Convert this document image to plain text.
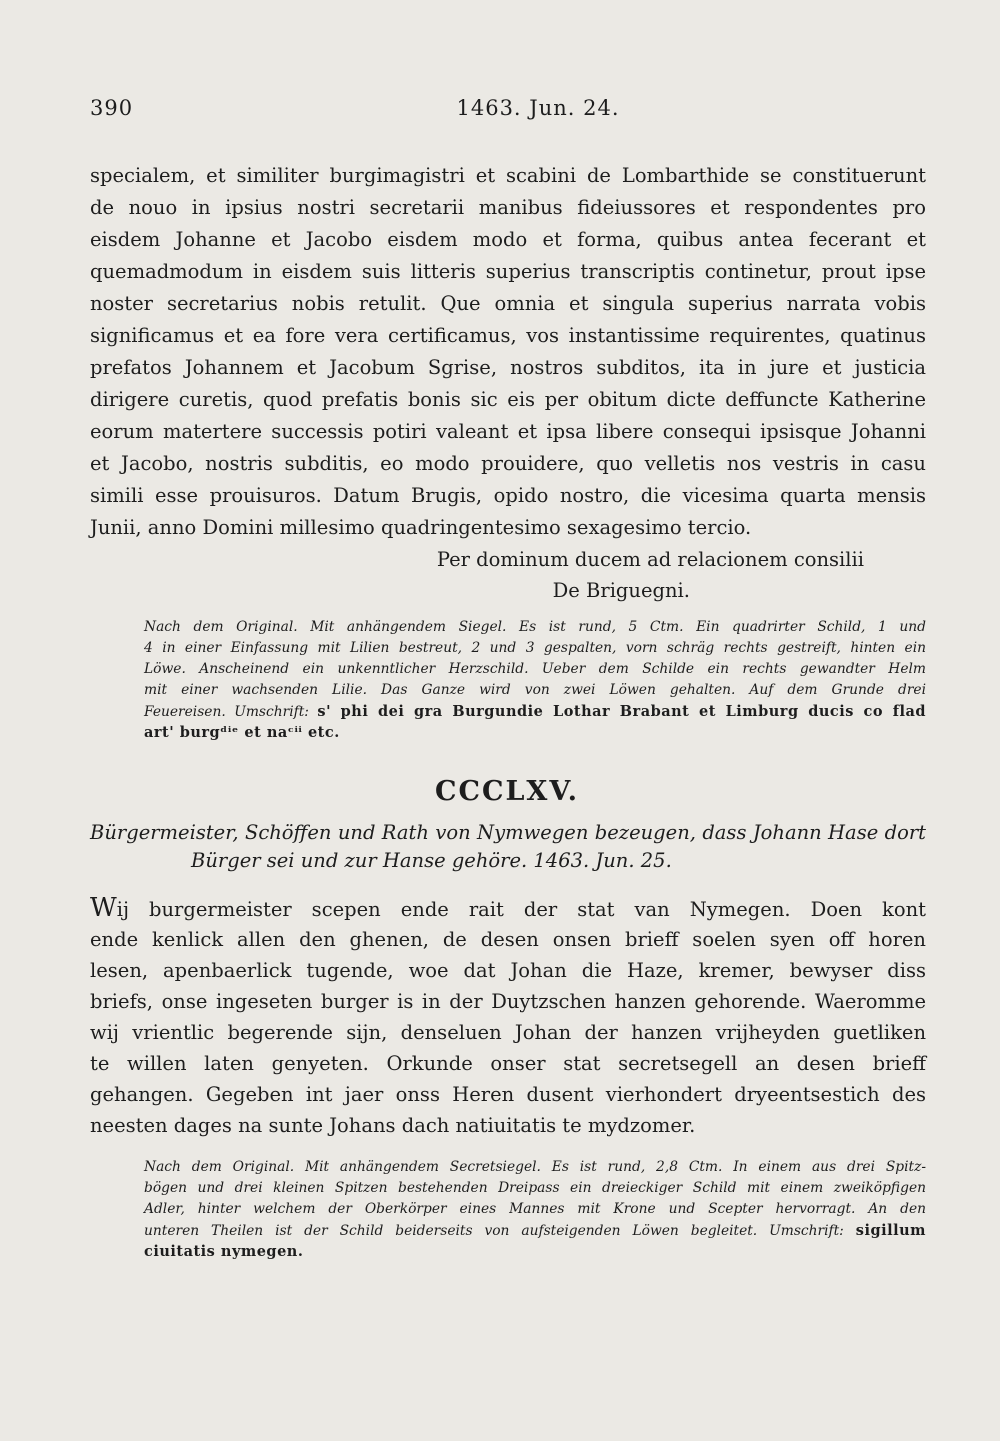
390	1463. Jun. 24.
specialem, et similiter burgimagistri et scabini de Lombarthide se constituerunt
de nouo in ipsius nostri secretarii manibus fideiussores et respondentes pro
eisdem Johanne et Jacobo eisdem modo et forma, quibus antea fecerant et
quemadmodum in eisdem suis litteris superius transcriptis continetur, prout ipse
noster secretarius nobis retulit. Que omnia et singula superius narrata vobis
significamus et ea fore vera certificamus, vos instantissime requirentes, quatinus
prefatos Johannem et Jacobum Sgrise, nostros subditos, ita in jure et justicia
dirigere curetis, quod prefatis bonis sic eis per obitum dicte deffuncte Katherine
eorum matertere successis potiri valeant et ipsa libere consequi ipsisque Johanni
et Jacobo, nostris subditis, eo modo prouidere, quo velletis nos vestris in casu
simili esse prouisuros. Datum Brugis, opido nostro, die vicesima quarta mensis
Junii, anno Domini millesimo quadringentesimo sexagesimo tercio.
Per dominum ducem ad relacionem consilii
De Briguegni.
Nach dem Original. Mit anhängendem Siegel. Es ist rund, 5 Ctm. Ein quadrirter Schild, 1 und
4 in einer Einfassung mit Lilien bestreut, 2 und 3 gespalten, vorn schräg rechts gestreift, hinten ein
Löwe. Anscheinend ein unkenntlicher Herzschild. Ueber dem Schilde ein rechts gewandter Helm
mit einer wachsenden Lilie. Das Ganze wird von zwei Löwen gehalten. Auf dem Grunde drei
Feuereisen. Umschrift: s' phi dei gra Burgundie Lothar Brabant et Limburg ducis co flad
art' burgᵈⁱᵉ et naᶜⁱⁱ etc.
CCCLXV.
Bürgermeister, Schöffen und Rath von Nymwegen bezeugen, dass Johann Hase dort
Bürger sei und zur Hanse gehöre. 1463. Jun. 25.
Wij burgermeister scepen ende rait der stat van Nymegen. Doen kont
ende kenlick allen den ghenen, de desen onsen brieff soelen syen off horen
lesen, apenbaerlick tugende, woe dat Johan die Haze, kremer, bewyser diss
briefs, onse ingeseten burger is in der Duytzschen hanzen gehorende. Waeromme
wij vrientlic begerende sijn, denseluen Johan der hanzen vrijheyden guetliken
te willen laten genyeten. Orkunde onser stat secretsegell an desen brieff
gehangen. Gegeben int jaer onss Heren dusent vierhondert dryeentsestich des
neesten dages na sunte Johans dach natiuitatis te mydzomer.
Nach dem Original. Mit anhängendem Secretsiegel. Es ist rund, 2,8 Ctm. In einem aus drei Spitz-
bögen und drei kleinen Spitzen bestehenden Dreipass ein dreieckiger Schild mit einem zweiköpfigen
Adler, hinter welchem der Oberkörper eines Mannes mit Krone und Scepter hervorragt. An den
unteren Theilen ist der Schild beiderseits von aufsteigenden Löwen begleitet. Umschrift: sigillum
ciuitatis nymegen.
